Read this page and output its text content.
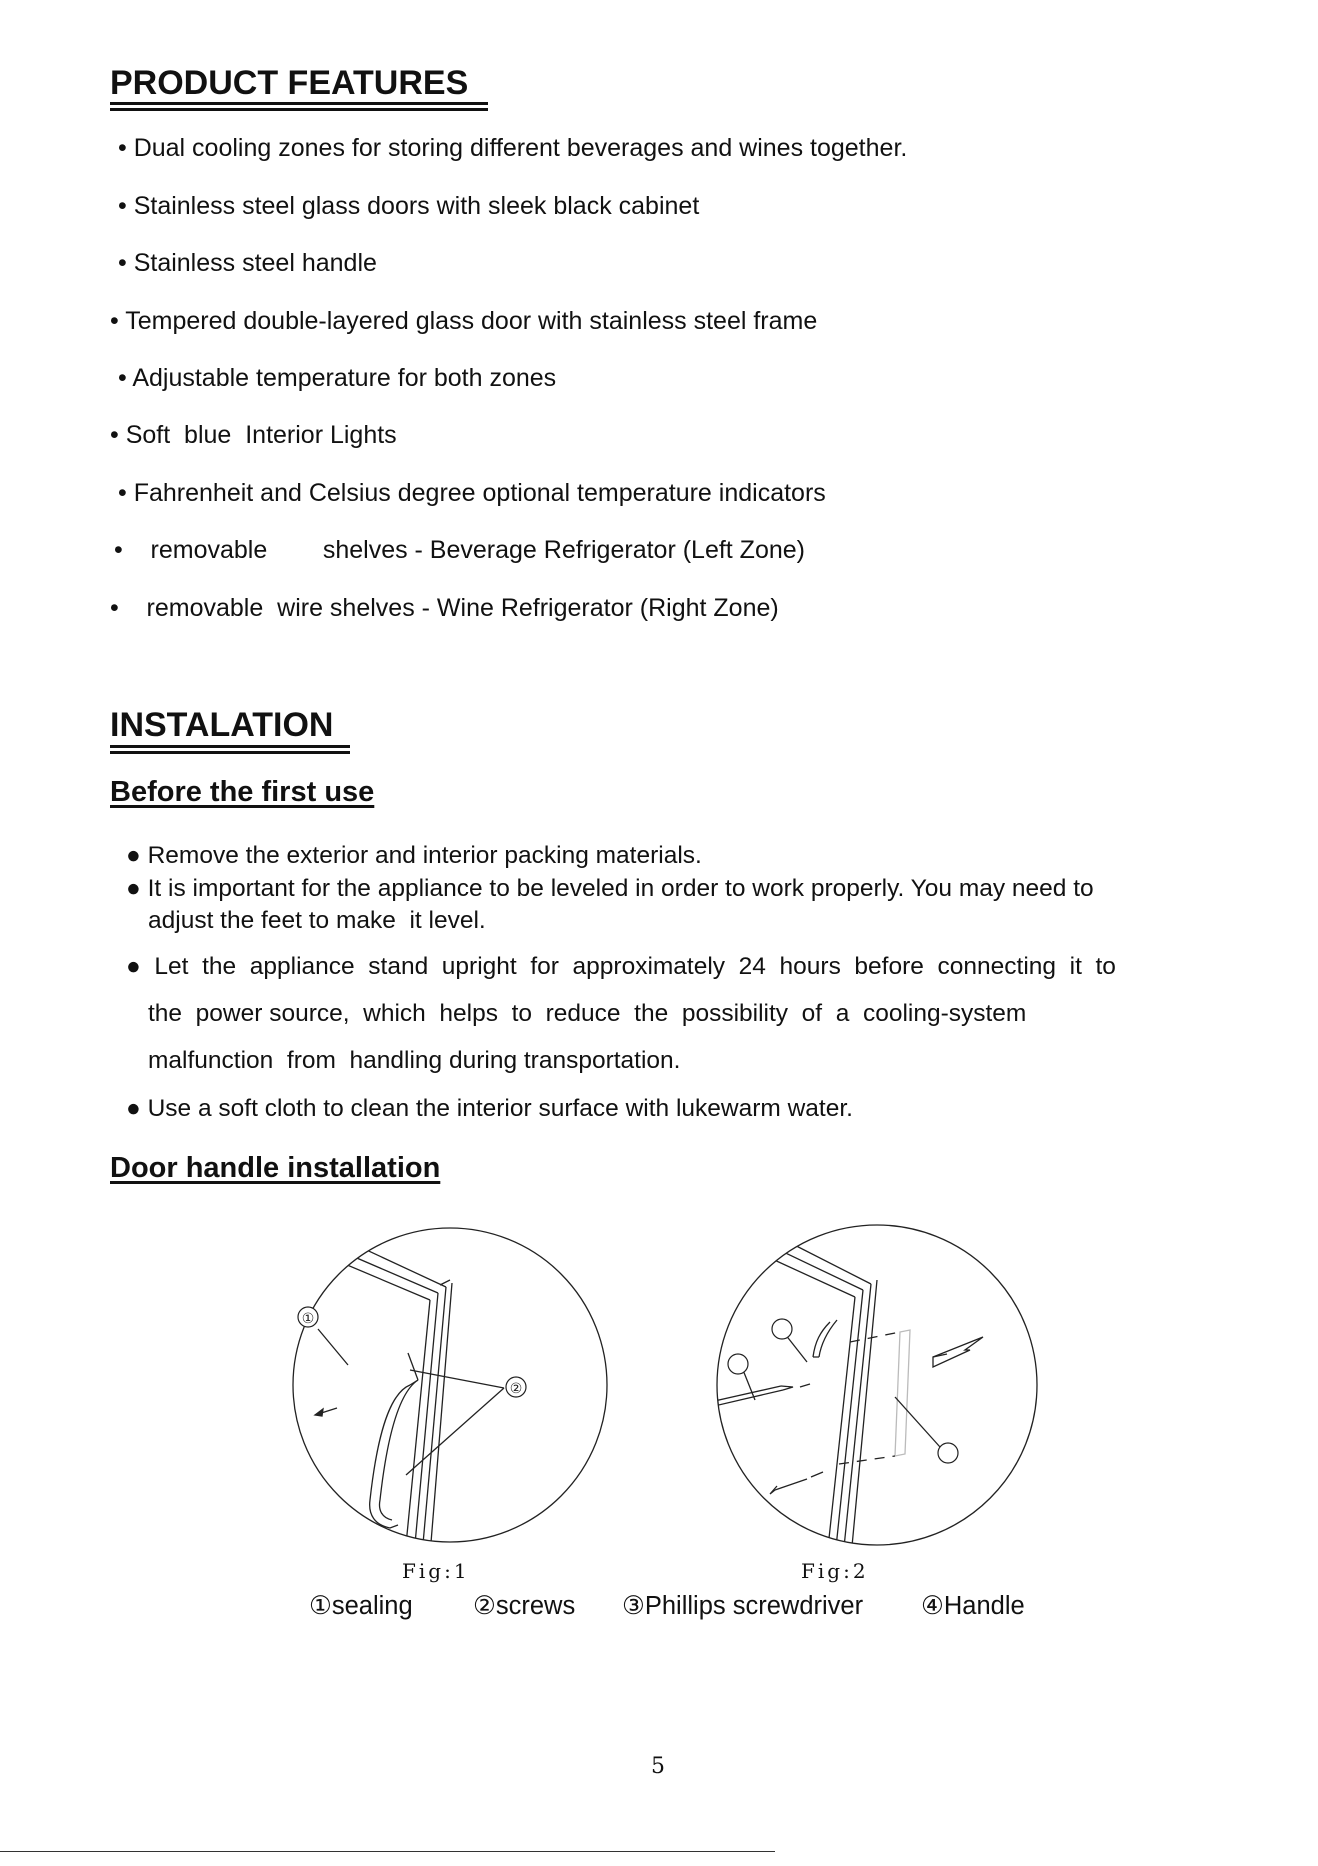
PRODUCT FEATURES
• Dual cooling zones for storing different beverages and wines together.
• Stainless steel glass doors with sleek black cabinet
• Stainless steel handle
• Tempered double-layered glass door with stainless steel frame
• Adjustable temperature for both zones
• Soft  blue  Interior Lights
• Fahrenheit and Celsius degree optional temperature indicators
•    removable        shelves - Beverage Refrigerator (Left Zone)
•    removable  wire shelves - Wine Refrigerator (Right Zone)
INSTALATION
Before the first use
● Remove the exterior and interior packing materials.
● It is important for the appliance to be leveled in order to work properly. You may need to
adjust the feet to make  it level.
●  Let  the  appliance  stand  upright  for  approximately  24  hours  before  connecting  it  to
the  power source,  which  helps  to  reduce  the  possibility  of  a  cooling-system
malfunction  from  handling during transportation.
● Use a soft cloth to clean the interior surface with lukewarm water.
Door handle installation
①
②
Fig:1	Fig:2
①sealing ②screws ③Phillips screwdriver ④Handle
5
